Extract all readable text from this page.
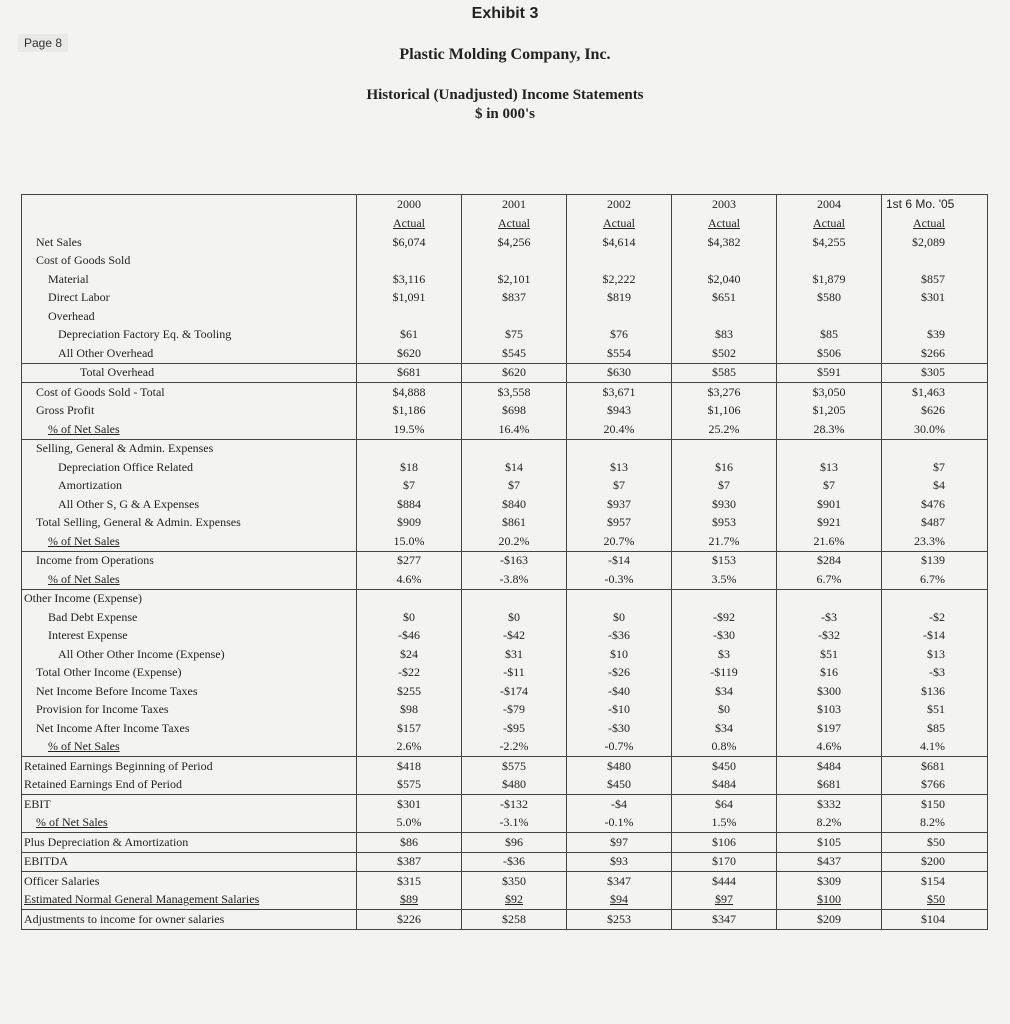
Page 8
Exhibit 3
Plastic Molding Company, Inc.
Historical (Unadjusted) Income Statements
$ in 000's
	2000	2001	2002	2003	2004	1st 6 Mo. '05
	Actual	Actual	Actual	Actual	Actual	Actual
Net Sales	$6,074	$4,256	$4,614	$4,382	$4,255	$2,089
Cost of Goods Sold						
Material	$3,116	$2,101	$2,222	$2,040	$1,879	$857
Direct Labor	$1,091	$837	$819	$651	$580	$301
Overhead						
Depreciation Factory Eq. & Tooling	$61	$75	$76	$83	$85	$39
All Other Overhead	$620	$545	$554	$502	$506	$266
Total Overhead	$681	$620	$630	$585	$591	$305
Cost of Goods Sold - Total	$4,888	$3,558	$3,671	$3,276	$3,050	$1,463
Gross Profit	$1,186	$698	$943	$1,106	$1,205	$626
% of Net Sales	19.5%	16.4%	20.4%	25.2%	28.3%	30.0%
Selling, General & Admin. Expenses						
Depreciation Office Related	$18	$14	$13	$16	$13	$7
Amortization	$7	$7	$7	$7	$7	$4
All Other S, G & A Expenses	$884	$840	$937	$930	$901	$476
Total Selling, General & Admin. Expenses	$909	$861	$957	$953	$921	$487
% of Net Sales	15.0%	20.2%	20.7%	21.7%	21.6%	23.3%
Income from Operations	$277	-$163	-$14	$153	$284	$139
% of Net Sales	4.6%	-3.8%	-0.3%	3.5%	6.7%	6.7%
Other Income (Expense)						
Bad Debt Expense	$0	$0	$0	-$92	-$3	-$2
Interest Expense	-$46	-$42	-$36	-$30	-$32	-$14
All Other Other Income (Expense)	$24	$31	$10	$3	$51	$13
Total Other Income (Expense)	-$22	-$11	-$26	-$119	$16	-$3
Net Income Before Income Taxes	$255	-$174	-$40	$34	$300	$136
Provision for Income Taxes	$98	-$79	-$10	$0	$103	$51
Net Income After Income Taxes	$157	-$95	-$30	$34	$197	$85
% of Net Sales	2.6%	-2.2%	-0.7%	0.8%	4.6%	4.1%
Retained Earnings Beginning of Period	$418	$575	$480	$450	$484	$681
Retained Earnings End of Period	$575	$480	$450	$484	$681	$766
EBIT	$301	-$132	-$4	$64	$332	$150
% of Net Sales	5.0%	-3.1%	-0.1%	1.5%	8.2%	8.2%
Plus Depreciation & Amortization	$86	$96	$97	$106	$105	$50
EBITDA	$387	-$36	$93	$170	$437	$200
Officer Salaries	$315	$350	$347	$444	$309	$154
Estimated Normal General Management Salaries	$89	$92	$94	$97	$100	$50
Adjustments to income for owner salaries	$226	$258	$253	$347	$209	$104
